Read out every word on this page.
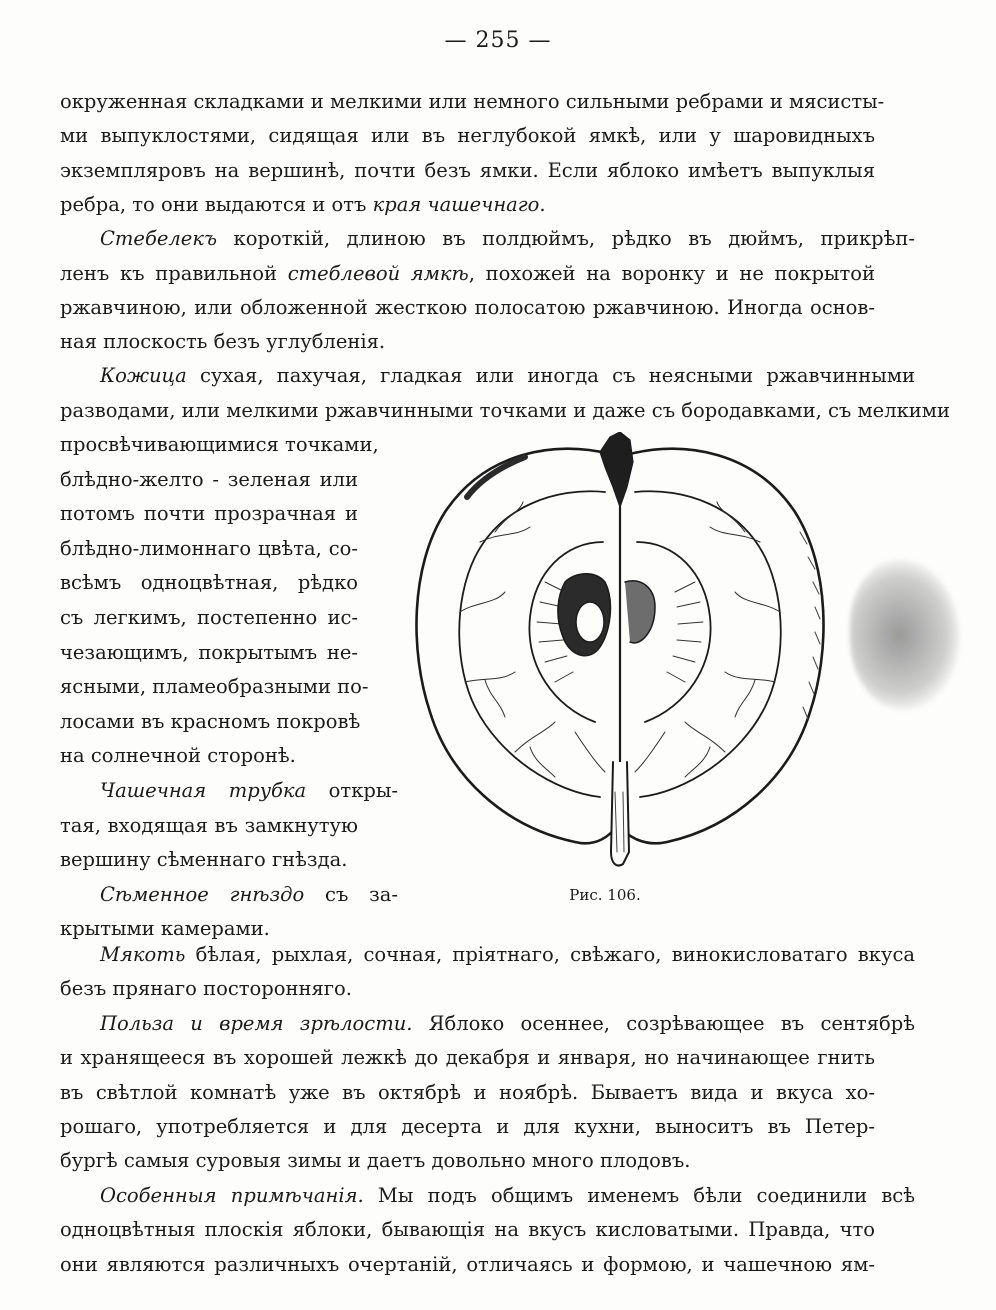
— 255 —
окруженная складками и мелкими или немного сильными ребрами и мясисты-
ми выпуклостями, сидящая или въ неглубокой ямкѣ, или у шаровидныхъ
экземпляровъ на вершинѣ, почти безъ ямки. Если яблоко имѣетъ выпуклыя
ребра, то они выдаются и отъ края чашечнаго.
Стебелекъ короткій, длиною въ полдюймъ, рѣдко въ дюймъ, прикрѣп-
ленъ къ правильной стеблевой ямкѣ, похожей на воронку и не покрытой
ржавчиною, или обложенной жесткою полосатою ржавчиною. Иногда основ-
ная плоскость безъ углубленія.
Кожица сухая, пахучая, гладкая или иногда съ неясными ржавчинными
разводами, или мелкими ржавчинными точками и даже съ бородавками, съ мелкими
просвѣчивающимися точками,
блѣдно-желто - зеленая или
потомъ почти прозрачная и
блѣдно-лимоннаго цвѣта, со-
всѣмъ одноцвѣтная, рѣдко
съ легкимъ, постепенно ис-
чезающимъ, покрытымъ не-
ясными, пламеобразными по-
лосами въ красномъ покровѣ
на солнечной сторонѣ.
Чашечная трубка откры-
тая, входящая въ замкнутую
вершину сѣменнаго гнѣзда.
Сѣменное гнѣздо съ за-
крытыми камерами.
Мякоть бѣлая, рыхлая, сочная, пріятнаго, свѣжаго, винокисловатаго вкуса
безъ прянаго посторонняго.
Польза и время зрѣлости. Яблоко осеннее, созрѣвающее въ сентябрѣ
и хранящееся въ хорошей лежкѣ до декабря и января, но начинающее гнить
въ свѣтлой комнатѣ уже въ октябрѣ и ноябрѣ. Бываетъ вида и вкуса хо-
рошаго, употребляется и для десерта и для кухни, выноситъ въ Петер-
бургѣ самыя суровыя зимы и даетъ довольно много плодовъ.
Особенныя примѣчанія. Мы подъ общимъ именемъ бѣли соединили всѣ
одноцвѣтныя плоскія яблоки, бывающія на вкусъ кисловатыми. Правда, что
они являются различныхъ очертаній, отличаясь и формою, и чашечною ям-
Рис. 106.
